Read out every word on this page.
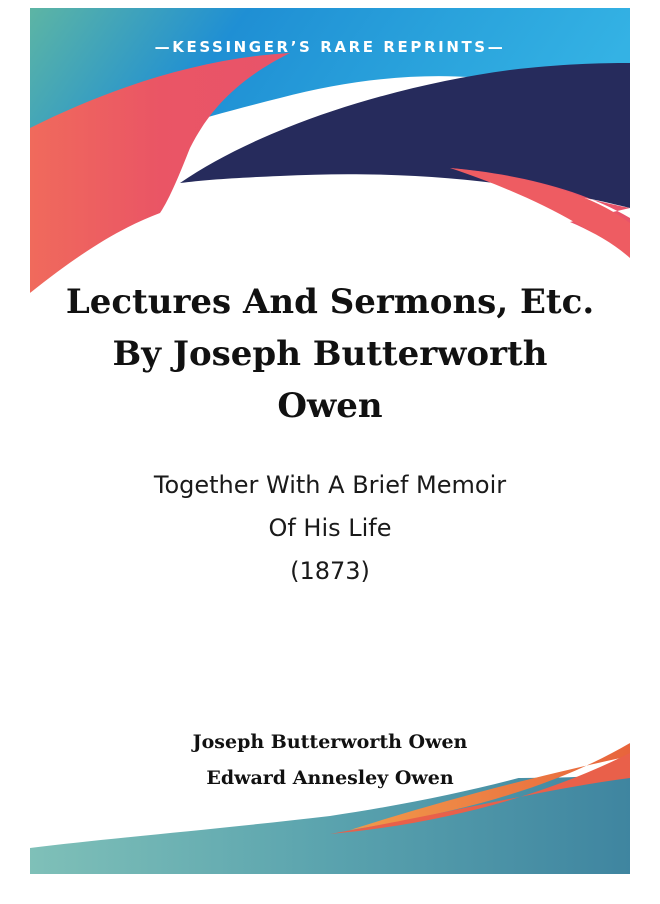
—KESSINGER’S RARE REPRINTS—
Lectures And Sermons, Etc. By Joseph Butterworth Owen
Together With A Brief Memoir
Of His Life
(1873)
Joseph Butterworth Owen
Edward Annesley Owen
